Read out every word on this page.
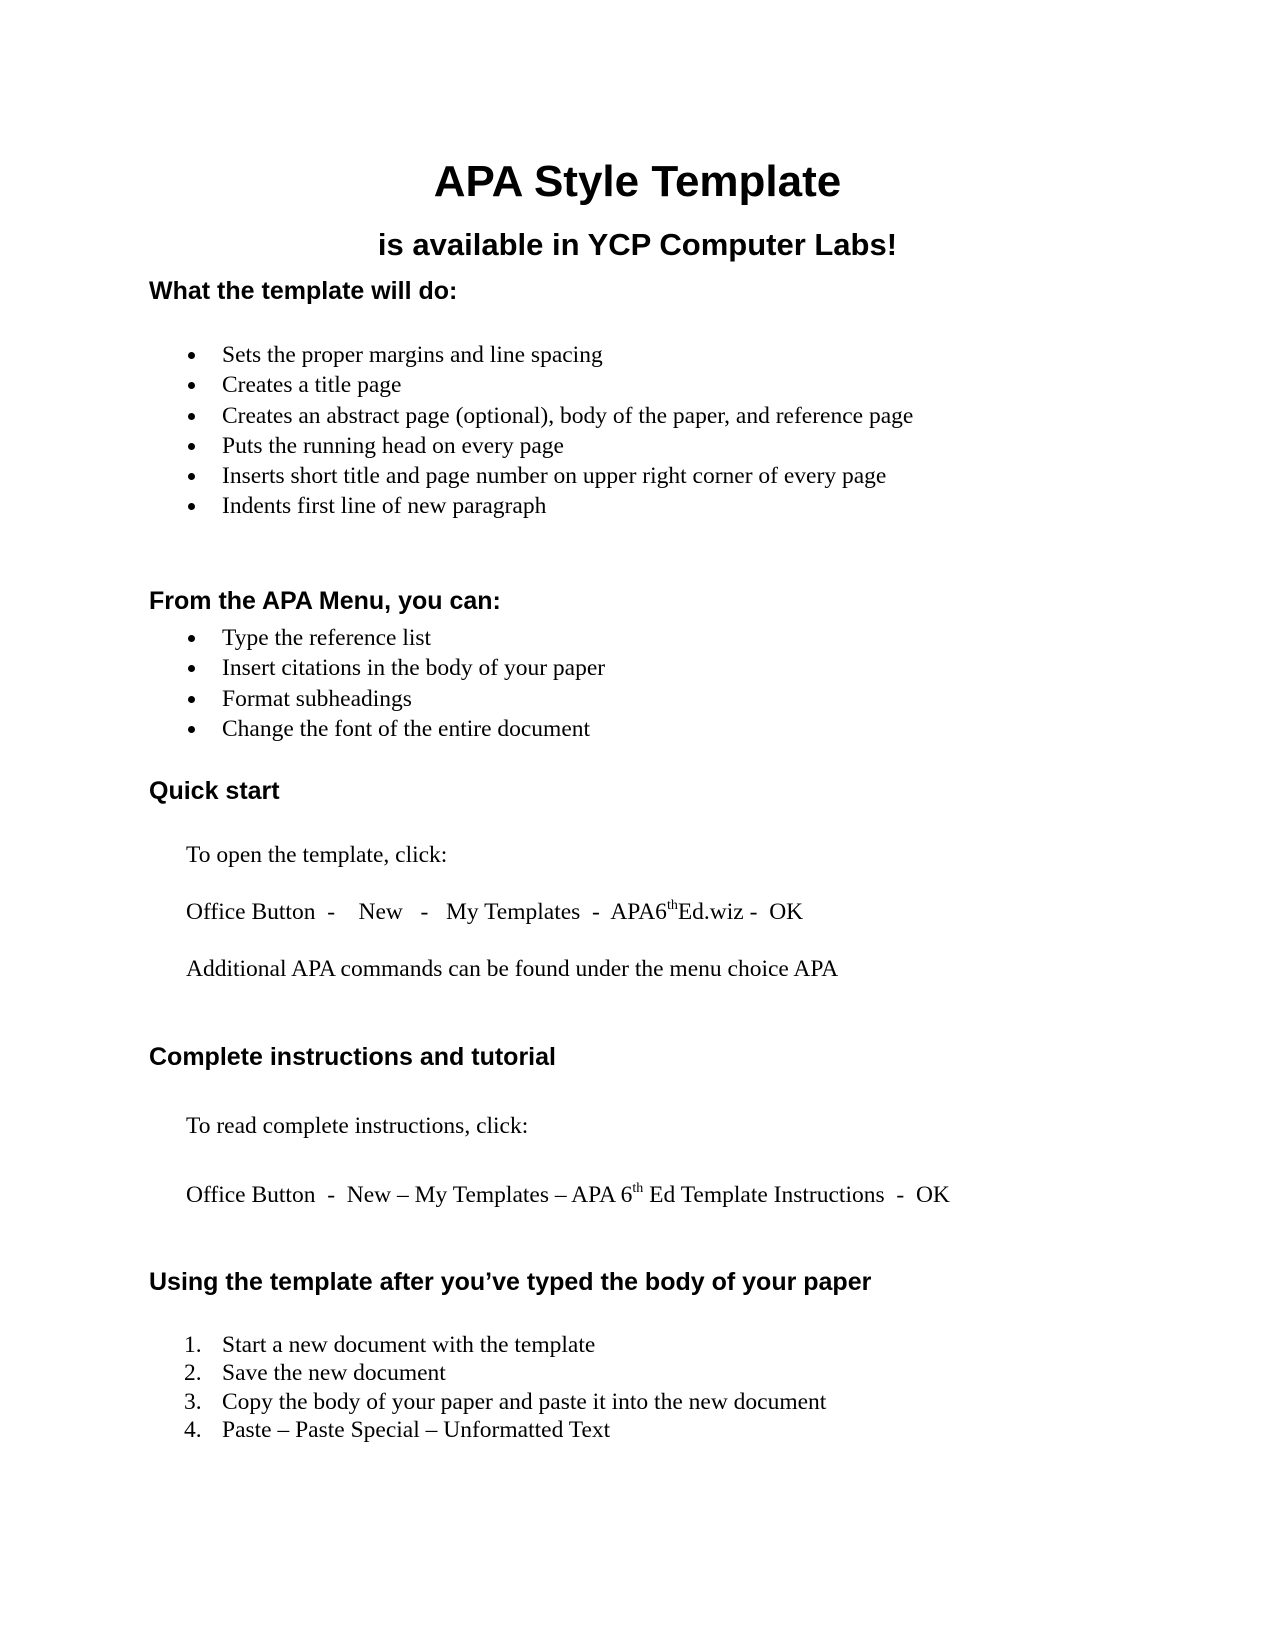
APA Style Template
is available in YCP Computer Labs!
What the template will do:
Sets the proper margins and line spacing
Creates a title page
Creates an abstract page (optional), body of the paper, and reference page
Puts the running head on every page
Inserts short title and page number on upper right corner of every page
Indents first line of new paragraph
From the APA Menu, you can:
Type the reference list
Insert citations in the body of your paper
Format subheadings
Change the font of the entire document
Quick start

To open the template, click:

Office Button  -    New   -   My Templates  -  APA6thEd.wiz -  OK

Additional APA commands can be found under the menu choice APA

Complete instructions and tutorial

To read complete instructions, click:

Office Button  -  New – My Templates – APA 6th Ed Template Instructions  -  OK

Using the template after you’ve typed the body of your paper
1. Start a new document with the template
2. Save the new document
3. Copy the body of your paper and paste it into the new document
4. Paste – Paste Special – Unformatted Text
